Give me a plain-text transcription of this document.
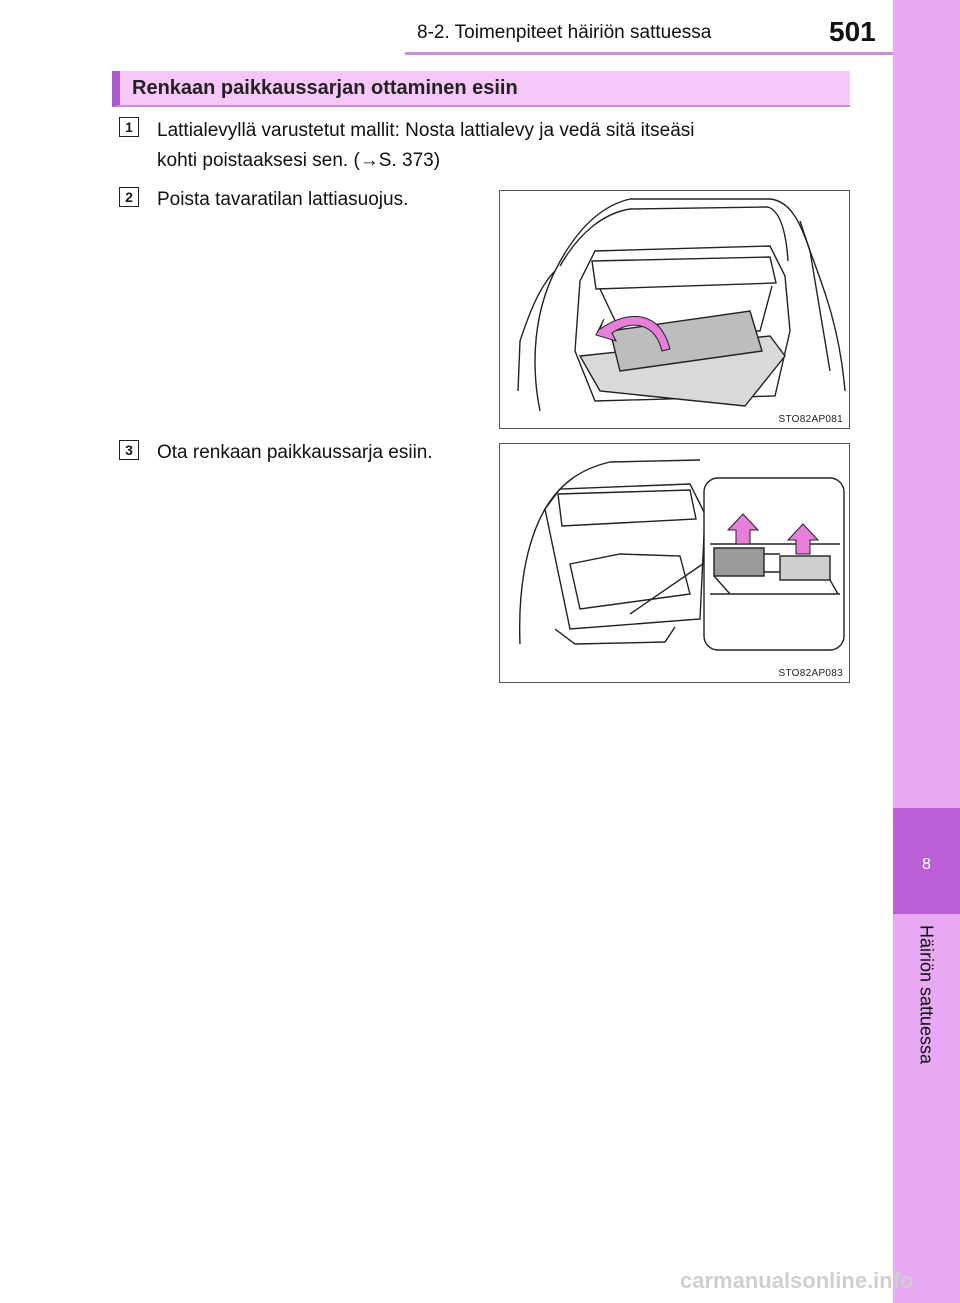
8
Häiriön sattuessa
8-2. Toimenpiteet häiriön sattuessa	501
Renkaan paikkaussarjan ottaminen esiin
1	Lattialevyllä varustetut mallit: Nosta lattialevy ja vedä sitä itseäsi
kohti poistaaksesi sen. (→S. 373)
2	Poista tavaratilan lattiasuojus.
STO82AP081
3	Ota renkaan paikkaussarja esiin.
STO82AP083
carmanualsonline.info
